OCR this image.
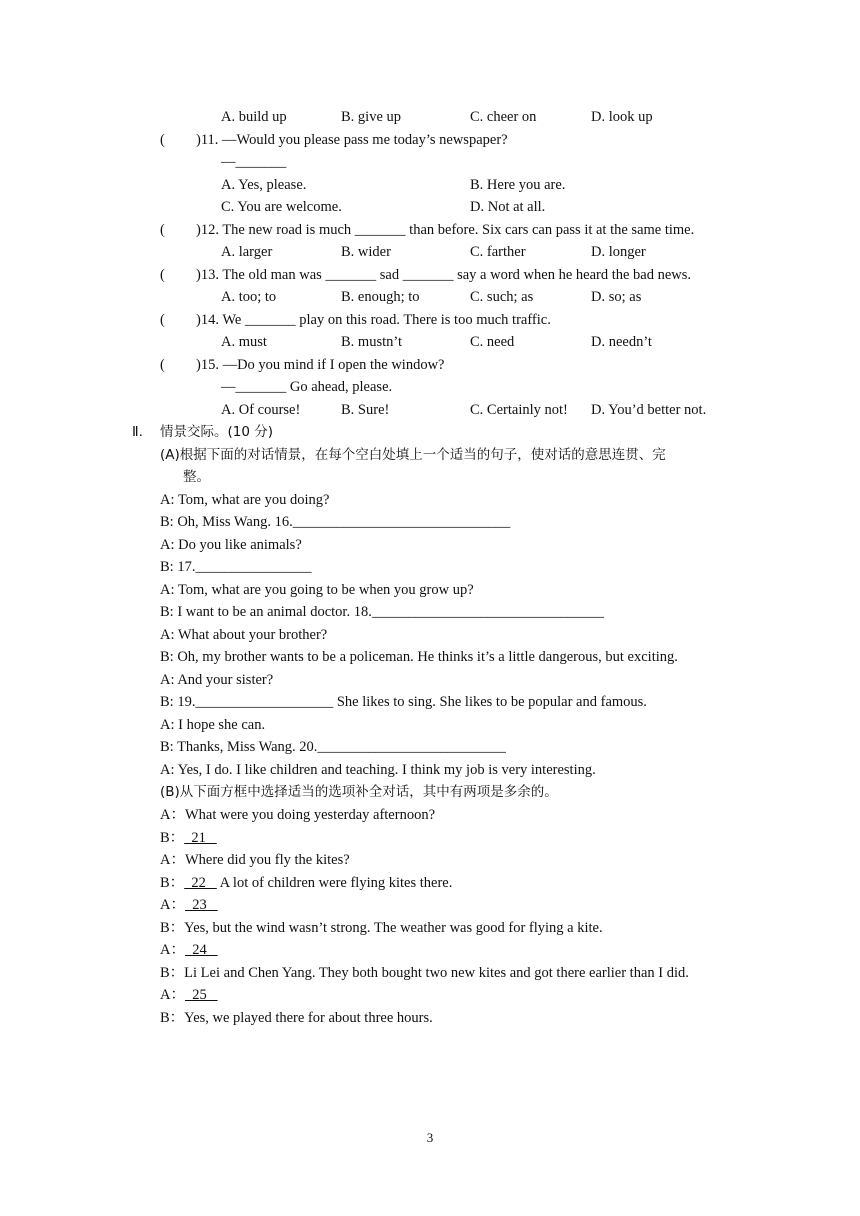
A. build up	B. give up	C. cheer on	D. look up
( )11. —Would you please pass me today’s newspaper?
—_______
A. Yes, please.	B. Here you are.
C. You are welcome.	D. Not at all.
( )12. The new road is much _______ than before. Six cars can pass it at the same time.
A. larger	B. wider	C. farther	D. longer
( )13. The old man was _______ sad _______ say a word when he heard the bad news.
A. too; to	B. enough; to	C. such; as	D. so; as
( )14. We _______ play on this road. There is too much traffic.
A. must	B. mustn’t	C. need	D. needn’t
( )15. —Do you mind if I open the window?
—_______ Go ahead, please.
A. Of course!	B. Sure!	C. Certainly not! D. You’d better not.
Ⅱ. 情景交际。(10 分)
(A)根据下面的对话情景，在每个空白处填上一个适当的句子，使对话的意思连贯、完
整。
A: Tom, what are you doing?
B: Oh, Miss Wang. 16.______________________________
A: Do you like animals?
B: 17.________________
A: Tom, what are you going to be when you grow up?
B: I want to be an animal doctor. 18.________________________________
A: What about your brother?
B: Oh, my brother wants to be a policeman. He thinks it’s a little dangerous, but exciting.
A: And your sister?
B: 19.___________________ She likes to sing. She likes to be popular and famous.
A: I hope she can.
B: Thanks, Miss Wang. 20.__________________________
A: Yes, I do. I like children and teaching. I think my job is very interesting.
(B)从下面方框中选择适当的选项补全对话，其中有两项是多余的。
A：What were you doing yesterday afternoon?
B：  21
A：Where did you fly the kites?
B：  22    A lot of children were flying kites there.
A：  23
B：Yes, but the wind wasn’t strong. The weather was good for flying a kite.
A：  24
B：Li Lei and Chen Yang. They both bought two new kites and got there earlier than I did.
A：  25
B：Yes, we played there for about three hours.
3
